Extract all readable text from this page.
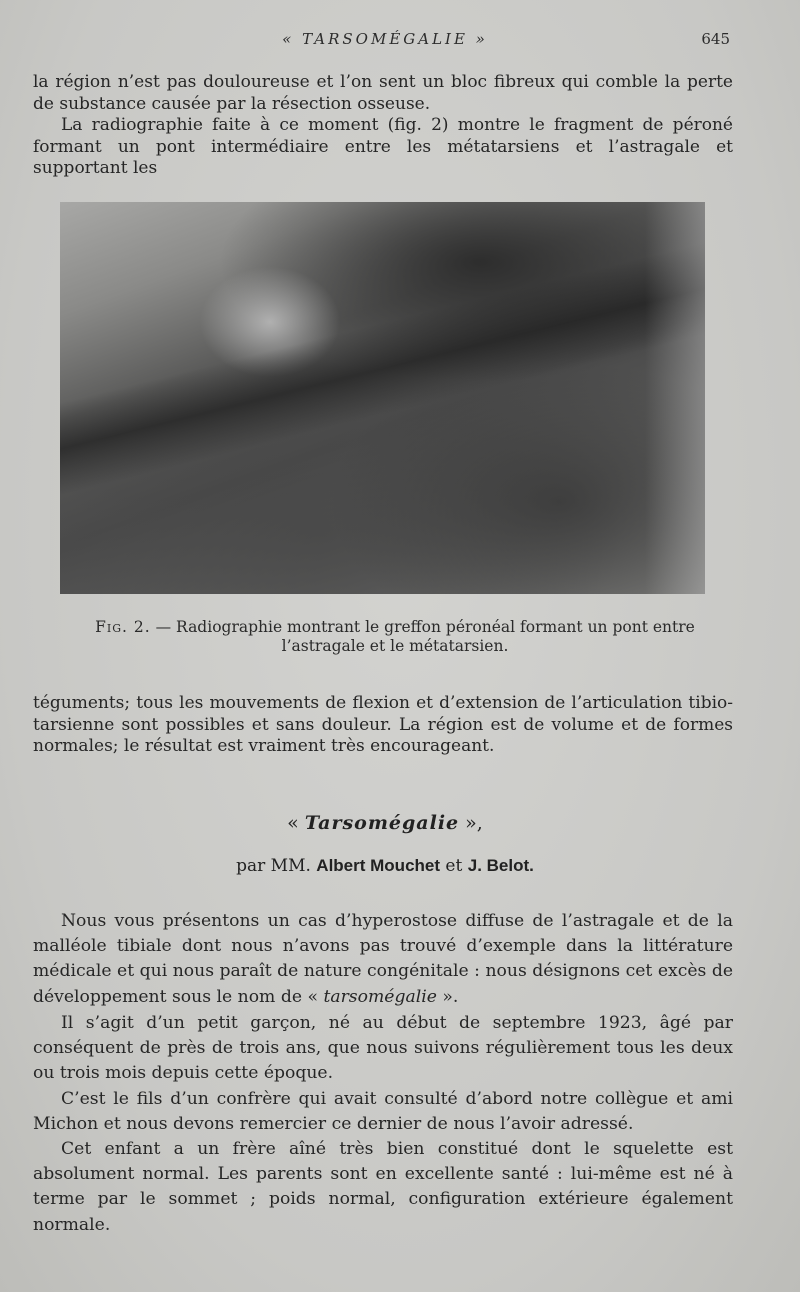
« TARSOMÉGALIE »	645

la région n’est pas douloureuse et l’on sent un bloc fibreux qui comble la perte de substance causée par la résection osseuse.

La radiographie faite à ce moment (fig. 2) montre le fragment de péroné formant un pont intermédiaire entre les métatarsiens et l’astragale et supportant les

Fig. 2. — Radiographie montrant le greffon péronéal formant un pont entre l’astragale et le métatarsien.

téguments; tous les mouvements de flexion et d’extension de l’articulation tibio-tarsienne sont possibles et sans douleur. La région est de volume et de formes normales; le résultat est vraiment très encourageant.

« Tarsomégalie »,
par MM. Albert Mouchet et J. Belot.

Nous vous présentons un cas d’hyperostose diffuse de l’astragale et de la malléole tibiale dont nous n’avons pas trouvé d’exemple dans la littérature médicale et qui nous paraît de nature congénitale : nous désignons cet excès de développement sous le nom de « tarsomégalie ».

Il s’agit d’un petit garçon, né au début de septembre 1923, âgé par conséquent de près de trois ans, que nous suivons régulièrement tous les deux ou trois mois depuis cette époque.

C’est le fils d’un confrère qui avait consulté d’abord notre collègue et ami Michon et nous devons remercier ce dernier de nous l’avoir adressé.

Cet enfant a un frère aîné très bien constitué dont le squelette est absolument normal. Les parents sont en excellente santé : lui-même est né à terme par le sommet ; poids normal, configuration extérieure également normale.
